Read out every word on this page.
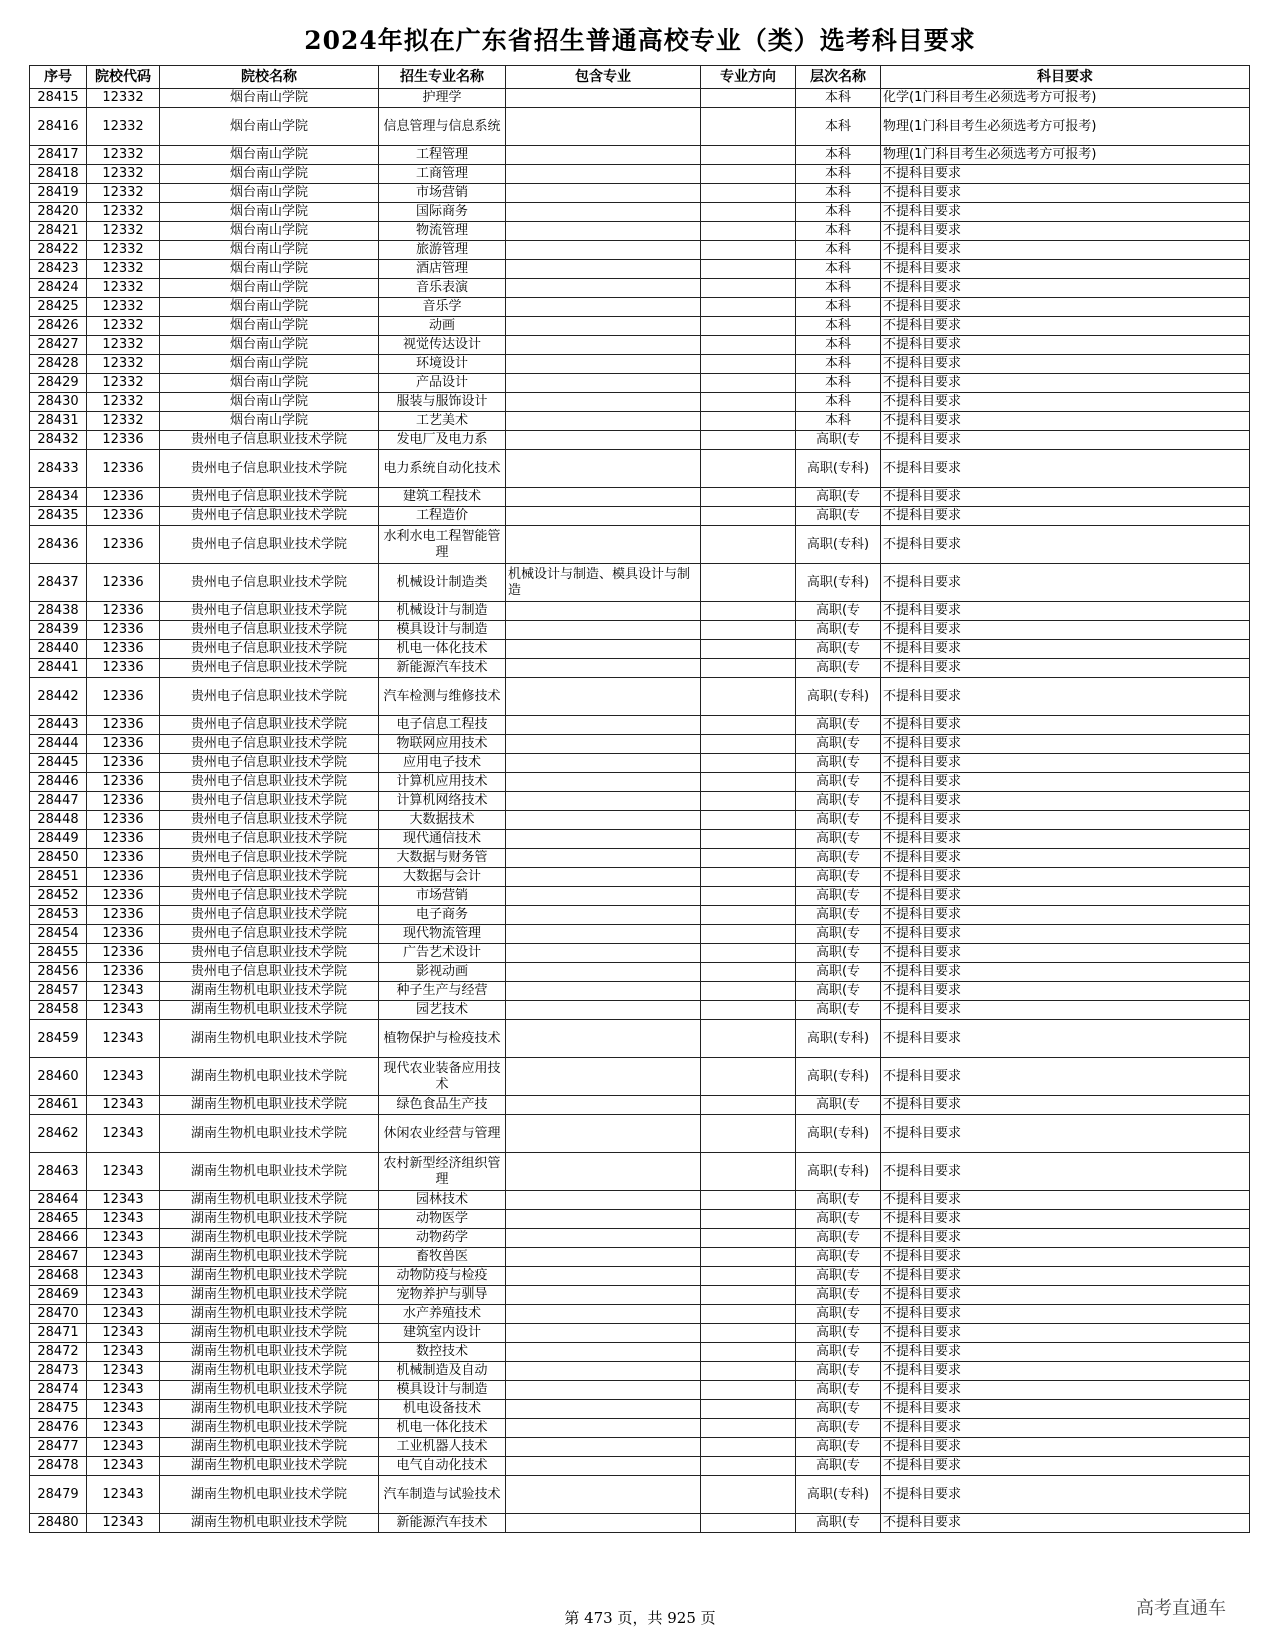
2024年拟在广东省招生普通高校专业（类）选考科目要求
序号	院校代码	院校名称	招生专业名称	包含专业	专业方向	层次名称	科目要求
28415	12332	烟台南山学院	护理学			本科	化学(1门科目考生必须选考方可报考)
28416	12332	烟台南山学院	信息管理与信息系统			本科	物理(1门科目考生必须选考方可报考)
28417	12332	烟台南山学院	工程管理			本科	物理(1门科目考生必须选考方可报考)
28418	12332	烟台南山学院	工商管理			本科	不提科目要求
28419	12332	烟台南山学院	市场营销			本科	不提科目要求
28420	12332	烟台南山学院	国际商务			本科	不提科目要求
28421	12332	烟台南山学院	物流管理			本科	不提科目要求
28422	12332	烟台南山学院	旅游管理			本科	不提科目要求
28423	12332	烟台南山学院	酒店管理			本科	不提科目要求
28424	12332	烟台南山学院	音乐表演			本科	不提科目要求
28425	12332	烟台南山学院	音乐学			本科	不提科目要求
28426	12332	烟台南山学院	动画			本科	不提科目要求
28427	12332	烟台南山学院	视觉传达设计			本科	不提科目要求
28428	12332	烟台南山学院	环境设计			本科	不提科目要求
28429	12332	烟台南山学院	产品设计			本科	不提科目要求
28430	12332	烟台南山学院	服装与服饰设计			本科	不提科目要求
28431	12332	烟台南山学院	工艺美术			本科	不提科目要求
28432	12336	贵州电子信息职业技术学院	发电厂及电力系			高职(专	不提科目要求
28433	12336	贵州电子信息职业技术学院	电力系统自动化技术			高职(专科)	不提科目要求
28434	12336	贵州电子信息职业技术学院	建筑工程技术			高职(专	不提科目要求
28435	12336	贵州电子信息职业技术学院	工程造价			高职(专	不提科目要求
28436	12336	贵州电子信息职业技术学院	水利水电工程智能管理			高职(专科)	不提科目要求
28437	12336	贵州电子信息职业技术学院	机械设计制造类	机械设计与制造、模具设计与制造		高职(专科)	不提科目要求
28438	12336	贵州电子信息职业技术学院	机械设计与制造			高职(专	不提科目要求
28439	12336	贵州电子信息职业技术学院	模具设计与制造			高职(专	不提科目要求
28440	12336	贵州电子信息职业技术学院	机电一体化技术			高职(专	不提科目要求
28441	12336	贵州电子信息职业技术学院	新能源汽车技术			高职(专	不提科目要求
28442	12336	贵州电子信息职业技术学院	汽车检测与维修技术			高职(专科)	不提科目要求
28443	12336	贵州电子信息职业技术学院	电子信息工程技			高职(专	不提科目要求
28444	12336	贵州电子信息职业技术学院	物联网应用技术			高职(专	不提科目要求
28445	12336	贵州电子信息职业技术学院	应用电子技术			高职(专	不提科目要求
28446	12336	贵州电子信息职业技术学院	计算机应用技术			高职(专	不提科目要求
28447	12336	贵州电子信息职业技术学院	计算机网络技术			高职(专	不提科目要求
28448	12336	贵州电子信息职业技术学院	大数据技术			高职(专	不提科目要求
28449	12336	贵州电子信息职业技术学院	现代通信技术			高职(专	不提科目要求
28450	12336	贵州电子信息职业技术学院	大数据与财务管			高职(专	不提科目要求
28451	12336	贵州电子信息职业技术学院	大数据与会计			高职(专	不提科目要求
28452	12336	贵州电子信息职业技术学院	市场营销			高职(专	不提科目要求
28453	12336	贵州电子信息职业技术学院	电子商务			高职(专	不提科目要求
28454	12336	贵州电子信息职业技术学院	现代物流管理			高职(专	不提科目要求
28455	12336	贵州电子信息职业技术学院	广告艺术设计			高职(专	不提科目要求
28456	12336	贵州电子信息职业技术学院	影视动画			高职(专	不提科目要求
28457	12343	湖南生物机电职业技术学院	种子生产与经营			高职(专	不提科目要求
28458	12343	湖南生物机电职业技术学院	园艺技术			高职(专	不提科目要求
28459	12343	湖南生物机电职业技术学院	植物保护与检疫技术			高职(专科)	不提科目要求
28460	12343	湖南生物机电职业技术学院	现代农业装备应用技术			高职(专科)	不提科目要求
28461	12343	湖南生物机电职业技术学院	绿色食品生产技			高职(专	不提科目要求
28462	12343	湖南生物机电职业技术学院	休闲农业经营与管理			高职(专科)	不提科目要求
28463	12343	湖南生物机电职业技术学院	农村新型经济组织管理			高职(专科)	不提科目要求
28464	12343	湖南生物机电职业技术学院	园林技术			高职(专	不提科目要求
28465	12343	湖南生物机电职业技术学院	动物医学			高职(专	不提科目要求
28466	12343	湖南生物机电职业技术学院	动物药学			高职(专	不提科目要求
28467	12343	湖南生物机电职业技术学院	畜牧兽医			高职(专	不提科目要求
28468	12343	湖南生物机电职业技术学院	动物防疫与检疫			高职(专	不提科目要求
28469	12343	湖南生物机电职业技术学院	宠物养护与驯导			高职(专	不提科目要求
28470	12343	湖南生物机电职业技术学院	水产养殖技术			高职(专	不提科目要求
28471	12343	湖南生物机电职业技术学院	建筑室内设计			高职(专	不提科目要求
28472	12343	湖南生物机电职业技术学院	数控技术			高职(专	不提科目要求
28473	12343	湖南生物机电职业技术学院	机械制造及自动			高职(专	不提科目要求
28474	12343	湖南生物机电职业技术学院	模具设计与制造			高职(专	不提科目要求
28475	12343	湖南生物机电职业技术学院	机电设备技术			高职(专	不提科目要求
28476	12343	湖南生物机电职业技术学院	机电一体化技术			高职(专	不提科目要求
28477	12343	湖南生物机电职业技术学院	工业机器人技术			高职(专	不提科目要求
28478	12343	湖南生物机电职业技术学院	电气自动化技术			高职(专	不提科目要求
28479	12343	湖南生物机电职业技术学院	汽车制造与试验技术			高职(专科)	不提科目要求
28480	12343	湖南生物机电职业技术学院	新能源汽车技术			高职(专	不提科目要求
第 473 页，共 925 页	高考直通车
